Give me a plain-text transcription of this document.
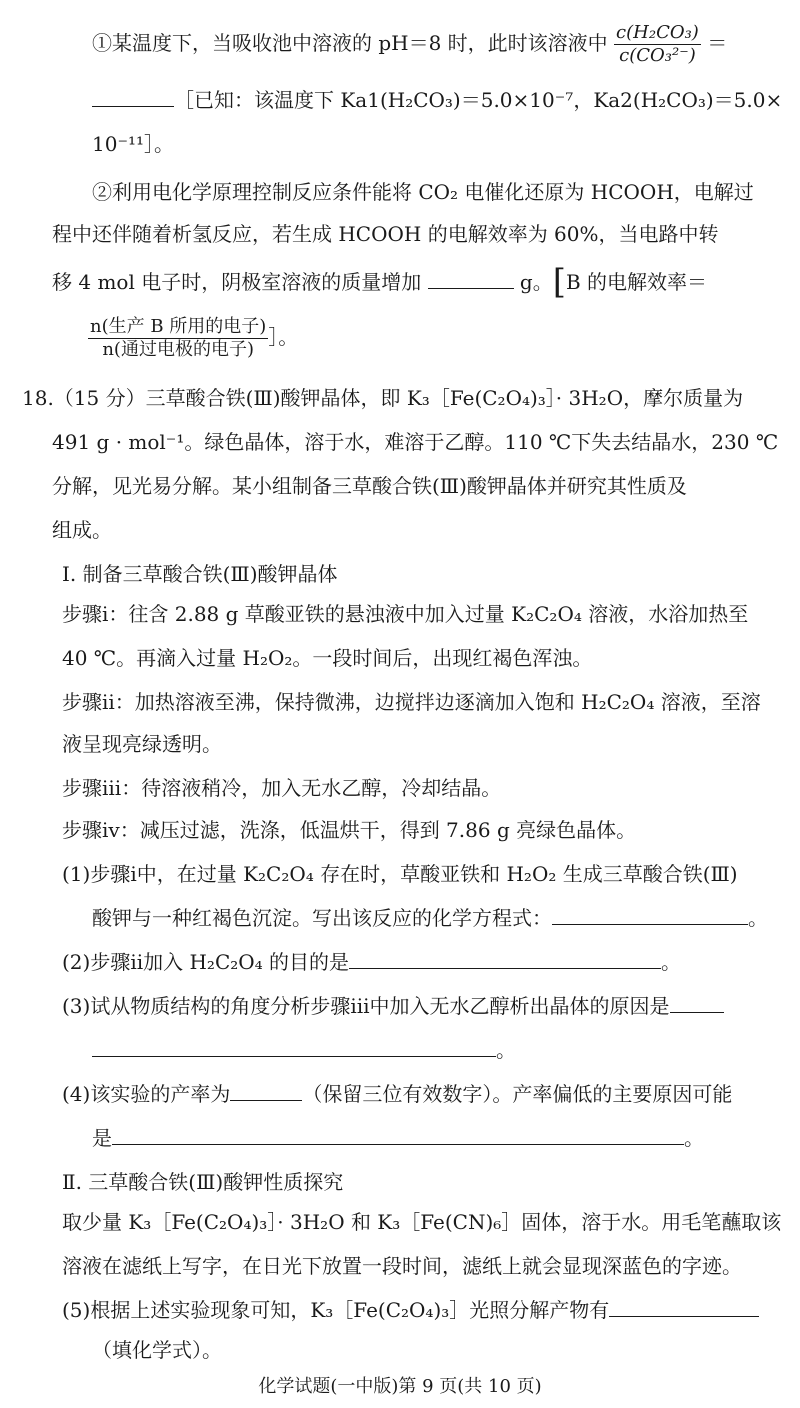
①某温度下，当吸收池中溶液的 pH＝8 时，此时该溶液中 $\frac{\text{c(H₂CO₃)}}{\text{c(CO₃²⁻)}}$ ＝
［已知：该温度下 Ka1(H₂CO₃)＝5.0×10⁻⁷，Ka2(H₂CO₃)＝5.0×
10⁻¹¹］。
②利用电化学原理控制反应条件能将 CO₂ 电催化还原为 HCOOH，电解过
程中还伴随着析氢反应，若生成 HCOOH 的电解效率为 60%，当电路中转
移 4 mol 电子时，阴极室溶液的质量增加	g。[B 的电解效率＝
$\frac{\text{n(生产 B 所用的电子)}}{\text{n(通过电极的电子)}}$ ］。
18.（15 分）三草酸合铁(Ⅲ)酸钾晶体，即 K₃［Fe(C₂O₄)₃］· 3H₂O，摩尔质量为
491 g · mol⁻¹。绿色晶体，溶于水，难溶于乙醇。110 ℃下失去结晶水，230 ℃
分解，见光易分解。某小组制备三草酸合铁(Ⅲ)酸钾晶体并研究其性质及
组成。
Ⅰ. 制备三草酸合铁(Ⅲ)酸钾晶体
步骤ⅰ：往含 2.88 g 草酸亚铁的悬浊液中加入过量 K₂C₂O₄ 溶液，水浴加热至
40 ℃。再滴入过量 H₂O₂。一段时间后，出现红褐色浑浊。
步骤ⅱ：加热溶液至沸，保持微沸，边搅拌边逐滴加入饱和 H₂C₂O₄ 溶液，至溶
液呈现亮绿透明。
步骤ⅲ：待溶液稍冷，加入无水乙醇，冷却结晶。
步骤ⅳ：减压过滤，洗涤，低温烘干，得到 7.86 g 亮绿色晶体。
(1)步骤ⅰ中，在过量 K₂C₂O₄ 存在时，草酸亚铁和 H₂O₂ 生成三草酸合铁(Ⅲ)
酸钾与一种红褐色沉淀。写出该反应的化学方程式：	。
(2)步骤ⅱ加入 H₂C₂O₄ 的目的是	。
(3)试从物质结构的角度分析步骤ⅲ中加入无水乙醇析出晶体的原因是
。
(4)该实验的产率为	（保留三位有效数字）。产率偏低的主要原因可能
是	。
Ⅱ. 三草酸合铁(Ⅲ)酸钾性质探究
取少量 K₃［Fe(C₂O₄)₃］· 3H₂O 和 K₃［Fe(CN)₆］固体，溶于水。用毛笔蘸取该
溶液在滤纸上写字，在日光下放置一段时间，滤纸上就会显现深蓝色的字迹。
(5)根据上述实验现象可知，K₃［Fe(C₂O₄)₃］光照分解产物有
（填化学式）。
化学试题(一中版)第 9 页(共 10 页)
